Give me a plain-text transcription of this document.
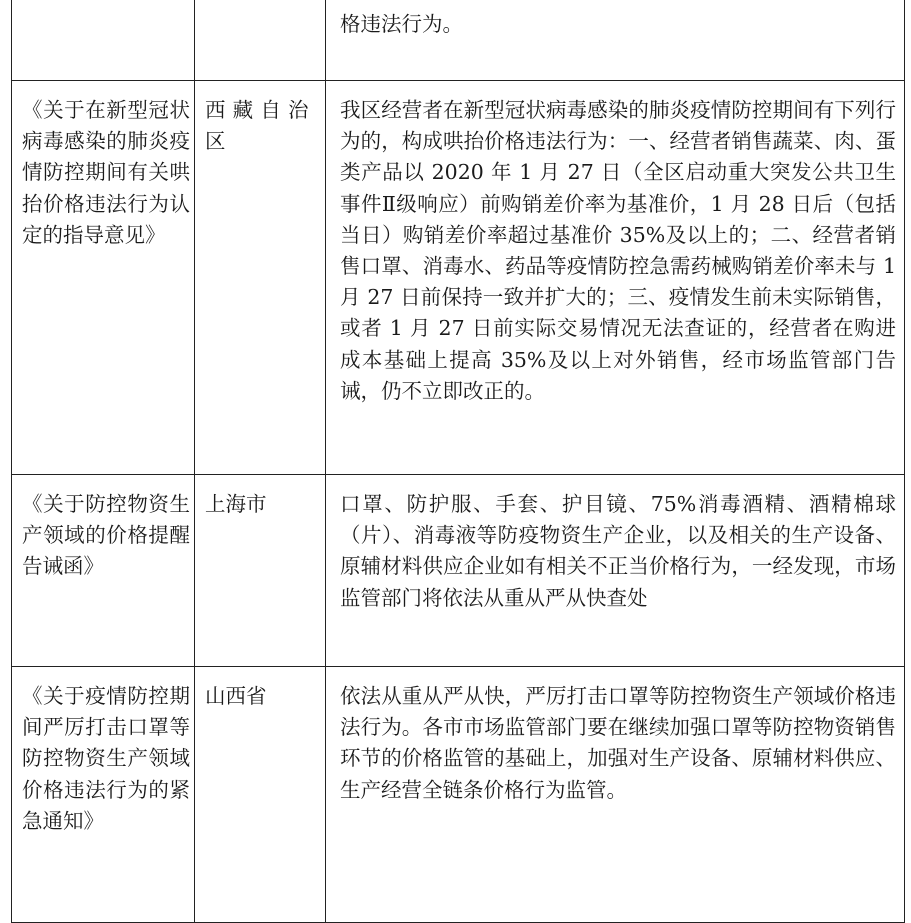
		格违法行为。
《关于在新型冠状病毒感染的肺炎疫情防控期间有关哄抬价格违法行为认定的指导意见》	西藏自治区	我区经营者在新型冠状病毒感染的肺炎疫情防控期间有下列行为的，构成哄抬价格违法行为：一、经营者销售蔬菜、肉、蛋类产品以 2020 年 1 月 27 日（全区启动重大突发公共卫生事件Ⅱ级响应）前购销差价率为基准价，1 月 28 日后（包括当日）购销差价率超过基准价 35%及以上的；二、经营者销售口罩、消毒水、药品等疫情防控急需药械购销差价率未与 1 月 27 日前保持一致并扩大的；三、疫情发生前未实际销售，或者 1 月 27 日前实际交易情况无法查证的，经营者在购进成本基础上提高 35%及以上对外销售，经市场监管部门告诫，仍不立即改正的。
《关于防控物资生产领域的价格提醒告诫函》	上海市	口罩、防护服、手套、护目镜、75%消毒酒精、酒精棉球（片）、消毒液等防疫物资生产企业，以及相关的生产设备、原辅材料供应企业如有相关不正当价格行为，一经发现，市场监管部门将依法从重从严从快查处
《关于疫情防控期间严厉打击口罩等防控物资生产领域价格违法行为的紧急通知》	山西省	依法从重从严从快，严厉打击口罩等防控物资生产领域价格违法行为。各市市场监管部门要在继续加强口罩等防控物资销售环节的价格监管的基础上，加强对生产设备、原辅材料供应、生产经营全链条价格行为监管。
